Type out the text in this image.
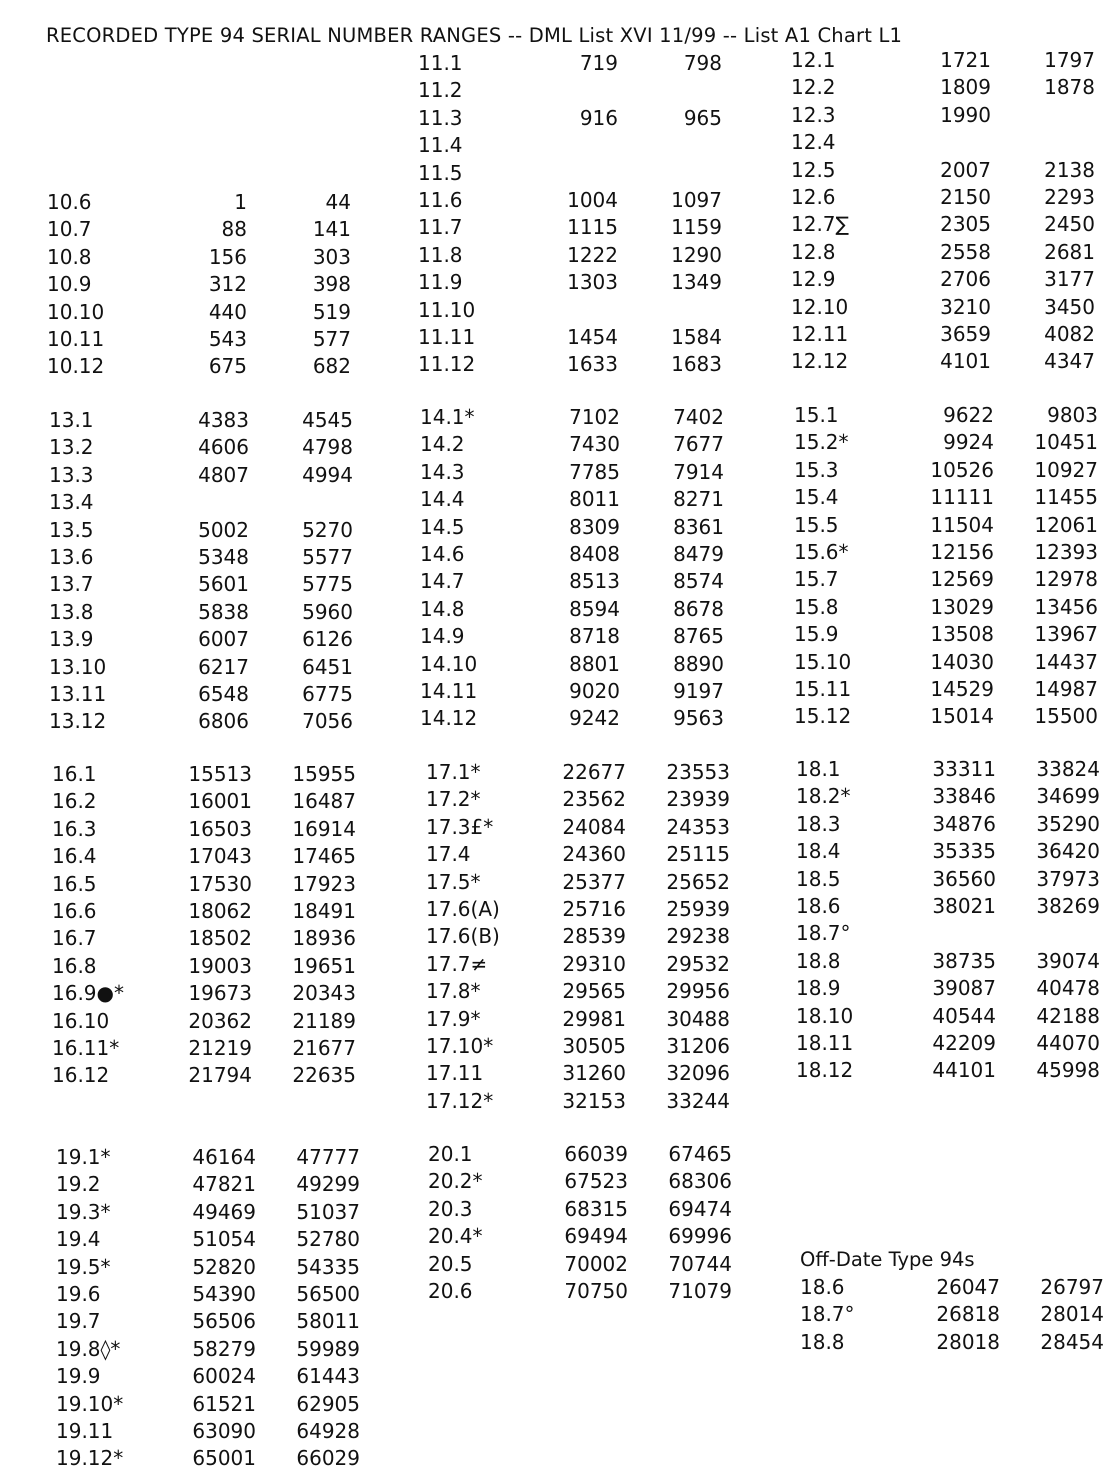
RECORDED TYPE 94 SERIAL NUMBER RANGES -- DML List XVI 11/99 -- List A1 Chart L1
10.6	1	44
10.7	88	141
10.8	156	303
10.9	312	398
10.10	440	519
10.11	543	577
10.12	675	682
11.1	719	798
11.2
11.3	916	965
11.4
11.5
11.6	1004	1097
11.7	1115	1159
11.8	1222	1290
11.9	1303	1349
11.10
11.11	1454	1584
11.12	1633	1683
12.1	1721	1797
12.2	1809	1878
12.3	1990
12.4
12.5	2007	2138
12.6	2150	2293
12.7∑	2305	2450
12.8	2558	2681
12.9	2706	3177
12.10	3210	3450
12.11	3659	4082
12.12	4101	4347
13.1	4383	4545
13.2	4606	4798
13.3	4807	4994
13.4
13.5	5002	5270
13.6	5348	5577
13.7	5601	5775
13.8	5838	5960
13.9	6007	6126
13.10	6217	6451
13.11	6548	6775
13.12	6806	7056
14.1*	7102	7402
14.2	7430	7677
14.3	7785	7914
14.4	8011	8271
14.5	8309	8361
14.6	8408	8479
14.7	8513	8574
14.8	8594	8678
14.9	8718	8765
14.10	8801	8890
14.11	9020	9197
14.12	9242	9563
15.1	9622	9803
15.2*	9924 10451
15.3	10526 10927
15.4	11111 11455
15.5	11504 12061
15.6*	12156 12393
15.7	12569 12978
15.8	13029 13456
15.9	13508 13967
15.10	14030 14437
15.11	14529 14987
15.12	15014 15500
16.1	15513 15955
16.2	16001 16487
16.3	16503 16914
16.4	17043 17465
16.5	17530 17923
16.6	18062 18491
16.7	18502 18936
16.8	19003 19651
16.9●*	19673 20343
16.10	20362 21189
16.11*	21219 21677
16.12	21794 22635
17.1*	22677 23553
17.2*	23562 23939
17.3£*	24084 24353
17.4	24360 25115
17.5*	25377 25652
17.6(A)	25716 25939
17.6(B)	28539 29238
17.7≠	29310 29532
17.8*	29565 29956
17.9*	29981 30488
17.10*	30505 31206
17.11	31260 32096
17.12*	32153 33244
18.1	33311 33824
18.2*	33846 34699
18.3	34876 35290
18.4	35335 36420
18.5	36560 37973
18.6	38021 38269
18.7°
18.8	38735 39074
18.9	39087 40478
18.10	40544 42188
18.11	42209 44070
18.12	44101 45998
19.1*	46164 47777
19.2	47821 49299
19.3*	49469 51037
19.4	51054 52780
19.5*	52820 54335
19.6	54390 56500
19.7	56506 58011
19.8◊*	58279 59989
19.9	60024 61443
19.10*	61521 62905
19.11	63090 64928
19.12*	65001 66029
20.1	66039 67465
20.2*	67523 68306
20.3	68315 69474
20.4*	69494 69996
20.5	70002 70744
20.6	70750 71079
Off-Date Type 94s
18.6	26047 26797
18.7°	26818 28014
18.8	28018 28454
